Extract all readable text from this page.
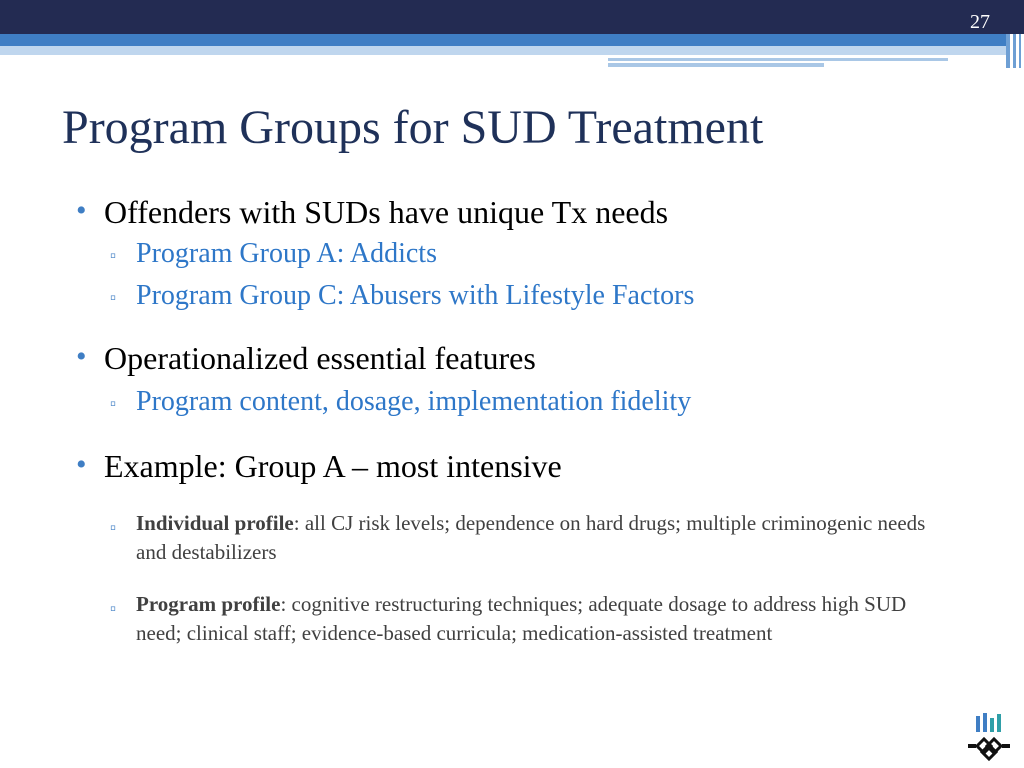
27
Program Groups for SUD Treatment
• Offenders with SUDs have unique Tx needs
▫ Program Group A: Addicts
▫ Program Group C: Abusers with Lifestyle Factors
• Operationalized essential features
▫ Program content, dosage, implementation fidelity
• Example: Group A – most intensive
▫ Individual profile: all CJ risk levels; dependence on hard drugs; multiple criminogenic needs and destabilizers
▫ Program profile: cognitive restructuring techniques; adequate dosage to address high SUD need; clinical staff; evidence-based curricula; medication-assisted treatment
